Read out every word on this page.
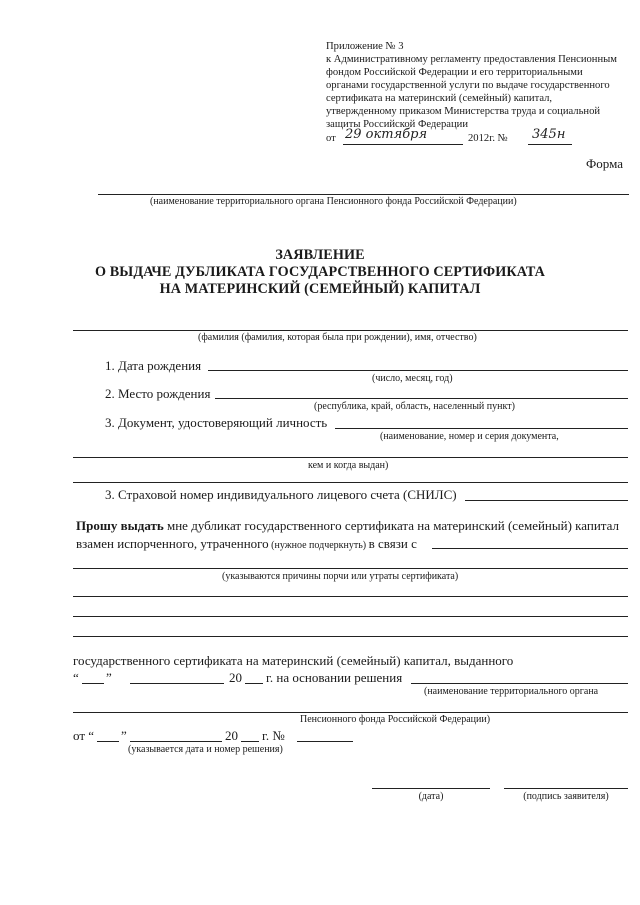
Приложение № 3
к Административному регламенту предоставления Пенсионным
фондом Российской Федерации и его территориальными
органами государственной услуги по выдаче государственного
сертификата на материнский (семейный) капитал,
утвержденному приказом Министерства труда и социальной
защиты Российской Федерации
от 29 октября	2012г. № 345н
Форма
(наименование территориального органа Пенсионного фонда Российской Федерации)
ЗАЯВЛЕНИЕ
О ВЫДАЧЕ ДУБЛИКАТА ГОСУДАРСТВЕННОГО СЕРТИФИКАТА
НА МАТЕРИНСКИЙ (СЕМЕЙНЫЙ) КАПИТАЛ
(фамилия (фамилия, которая была при рождении), имя, отчество)
1. Дата рождения
(число, месяц, год)
2. Место рождения
(республика, край, область, населенный пункт)
3. Документ, удостоверяющий личность
(наименование, номер и серия документа,
кем и когда выдан)
3. Страховой номер индивидуального лицевого счета (СНИЛС)
Прошу выдать мне дубликат государственного сертификата на материнский (семейный) капитал
взамен испорченного, утраченного (нужное подчеркнуть) в связи с
(указываются причины порчи или утраты сертификата)
государственного сертификата на материнский (семейный) капитал, выданного
“ ”	20 г. на основании решения
(наименование территориального органа
Пенсионного фонда Российской Федерации)
от “ ”	20 г. №
(указывается дата и номер решения)
(дата)	(подпись заявителя)
